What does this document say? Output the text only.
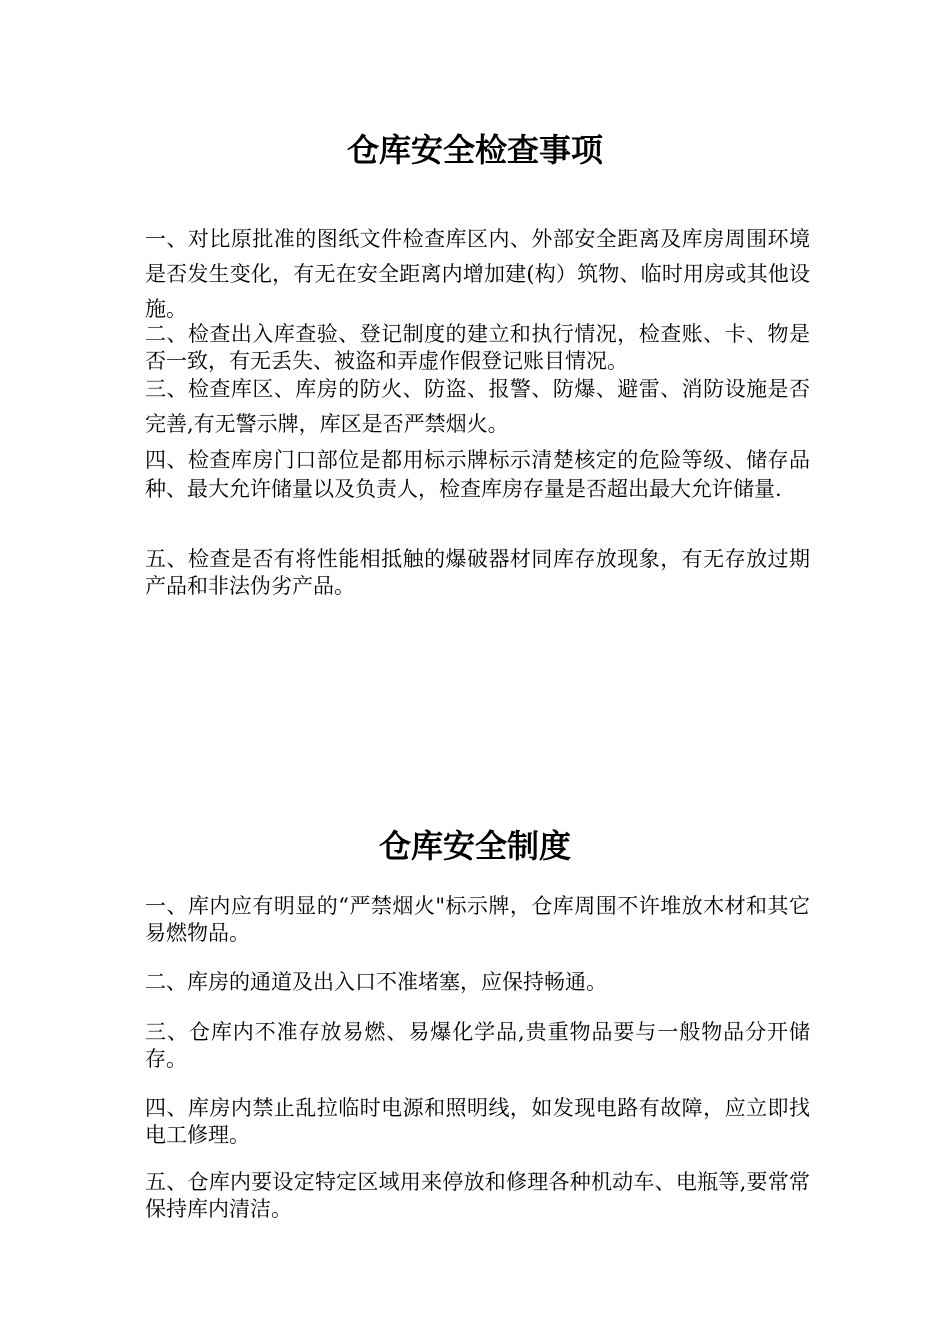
仓库安全检查事项

一、对比原批准的图纸文件检查库区内、外部安全距离及库房周围环境是否发生变化，有无在安全距离内增加建(构）筑物、临时用房或其他设施。

二、检查出入库查验、登记制度的建立和执行情况，检查账、卡、物是否一致，有无丢失、被盗和弄虚作假登记账目情况。

三、检查库区、库房的防火、防盗、报警、防爆、避雷、消防设施是否完善,有无警示牌，库区是否严禁烟火。

四、检查库房门口部位是都用标示牌标示清楚核定的危险等级、储存品种、最大允许储量以及负责人，检查库房存量是否超出最大允许储量.

五、检查是否有将性能相抵触的爆破器材同库存放现象，有无存放过期产品和非法伪劣产品。

仓库安全制度

一、库内应有明显的“严禁烟火"标示牌，仓库周围不许堆放木材和其它易燃物品。

二、库房的通道及出入口不准堵塞，应保持畅通。

三、仓库内不准存放易燃、易爆化学品,贵重物品要与一般物品分开储存。

四、库房内禁止乱拉临时电源和照明线，如发现电路有故障，应立即找电工修理。

五、仓库内要设定特定区域用来停放和修理各种机动车、电瓶等,要常常保持库内清洁。
